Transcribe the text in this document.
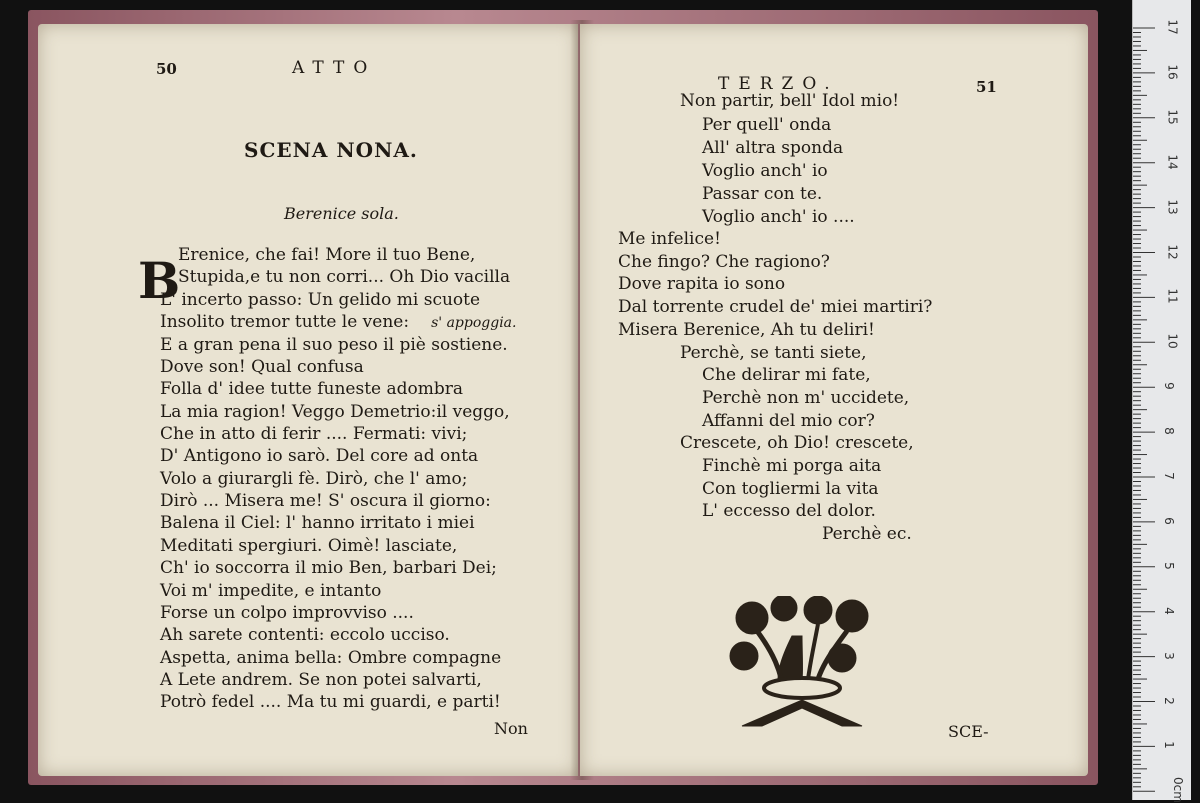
50	ATTO
SCENA NONA.
Berenice sola.
B
Erenice, che fai! More il tuo Bene,
Stupida,e tu non corri... Oh Dio vacilla
L' incerto passo: Un gelido mi scuote
Insolito tremor tutte le vene: s' appoggia.
E a gran pena il suo peso il piè sostiene.
Dove son! Qual confusa
Folla d' idee tutte funeste adombra
La mia ragion! Veggo Demetrio:il veggo,
Che in atto di ferir .... Fermati: vivi;
D' Antigono io sarò. Del core ad onta
Volo a giurargli fè. Dirò, che l' amo;
Dirò ... Misera me! S' oscura il giorno:
Balena il Ciel: l' hanno irritato i miei
Meditati spergiuri. Oimè! lasciate,
Ch' io soccorra il mio Ben, barbari Dei;
Voi m' impedite, e intanto
Forse un colpo improvviso ....
Ah sarete contenti: eccolo ucciso.
Aspetta, anima bella: Ombre compagne
A Lete andrem. Se non potei salvarti,
Potrò fedel .... Ma tu mi guardi, e parti!
Non
TERZO.	51
Non partir, bell' Idol mio!
Per quell' onda
All' altra sponda
Voglio anch' io
Passar con te.
Voglio anch' io ....
Me infelice!
Che fingo? Che ragiono?
Dove rapita io sono
Dal torrente crudel de' miei martiri?
Misera Berenice, Ah tu deliri!
Perchè, se tanti siete,
Che delirar mi fate,
Perchè non m' uccidete,
Affanni del mio cor?
Crescete, oh Dio! crescete,
Finchè mi porga aita
Con togliermi la vita
L' eccesso del dolor.
Perchè ec.
SCE-
17
16
15
14
13
12
11
10
9
8
7
6
5
4
3
2
1
0cm
